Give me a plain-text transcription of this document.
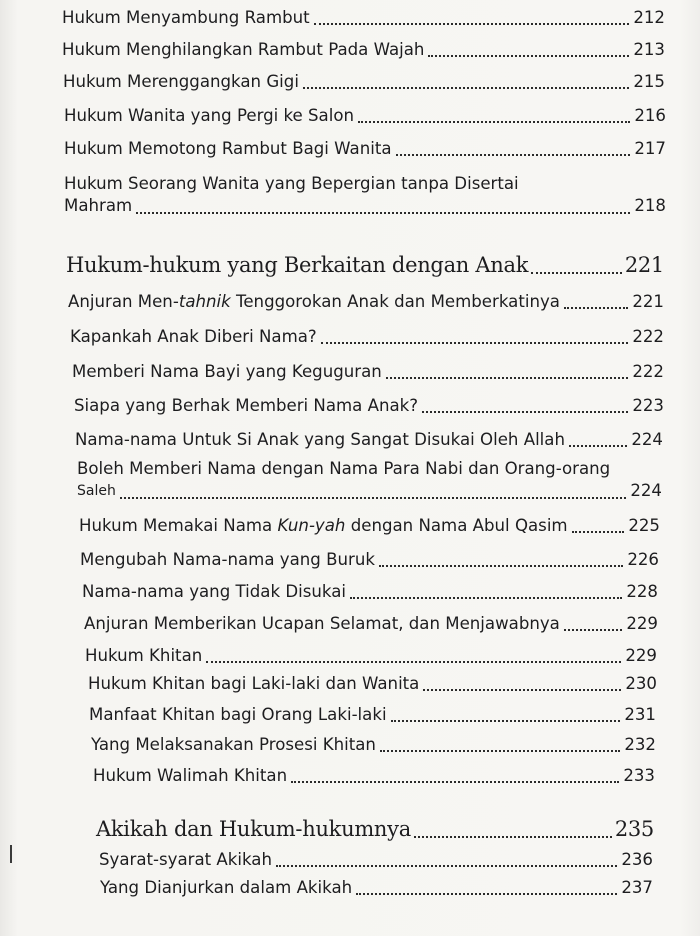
Hukum Menyambung Rambut	212
Hukum Menghilangkan Rambut Pada Wajah	213
Hukum Merenggangkan Gigi	215
Hukum Wanita yang Pergi ke Salon	216
Hukum Memotong Rambut Bagi Wanita	217
Hukum Seorang Wanita yang Bepergian tanpa Disertai
Mahram	218
Hukum-hukum yang Berkaitan dengan Anak	221
Anjuran Men-tahnik Tenggorokan Anak dan Memberkatinya	221
Kapankah Anak Diberi Nama?	222
Memberi Nama Bayi yang Keguguran	222
Siapa yang Berhak Memberi Nama Anak?	223
Nama-nama Untuk Si Anak yang Sangat Disukai Oleh Allah	224
Boleh Memberi Nama dengan Nama Para Nabi dan Orang-orang
Saleh	224
Hukum Memakai Nama Kun-yah dengan Nama Abul Qasim	225
Mengubah Nama-nama yang Buruk	226
Nama-nama yang Tidak Disukai	228
Anjuran Memberikan Ucapan Selamat, dan Menjawabnya	229
Hukum Khitan	229
Hukum Khitan bagi Laki-laki dan Wanita	230
Manfaat Khitan bagi Orang Laki-laki	231
Yang Melaksanakan Prosesi Khitan	232
Hukum Walimah Khitan	233
Akikah dan Hukum-hukumnya	235
Syarat-syarat Akikah	236
Yang Dianjurkan dalam Akikah	237
